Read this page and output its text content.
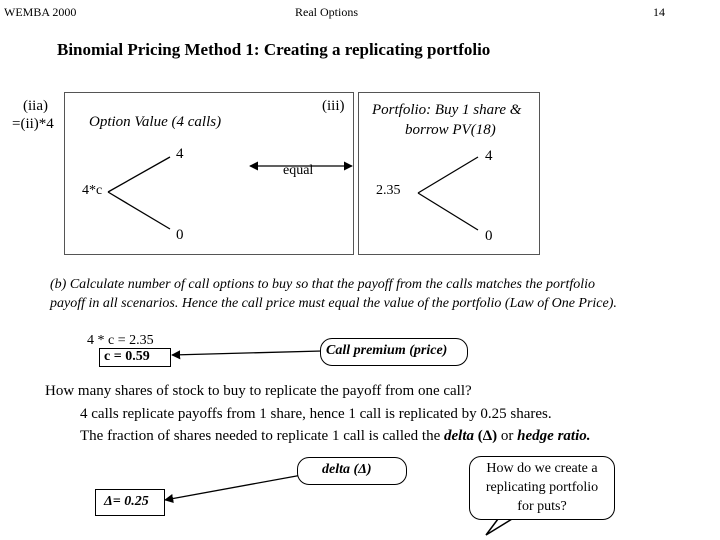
WEMBA 2000	Real Options	14
Binomial Pricing Method 1: Creating a replicating portfolio
(iia)
=(ii)*4 Option Value (4 calls)
(iii)
4*c
4
0
equal
Portfolio: Buy 1 share &
borrow PV(18)
2.35
4
0
(b) Calculate number of call options to buy so that the payoff from the calls matches the portfolio
payoff in all scenarios. Hence the call price must equal the value of the portfolio (Law of One Price).
4 * c = 2.35
c = 0.59	Call premium (price)
How many shares of stock to buy to replicate the payoff from one call?
4 calls replicate payoffs from 1 share, hence 1 call is replicated by 0.25 shares.
The fraction of shares needed to replicate 1 call is called the delta (Δ) or hedge ratio.
delta (Δ)
Δ= 0.25
How do we create a
replicating portfolio
for puts?
